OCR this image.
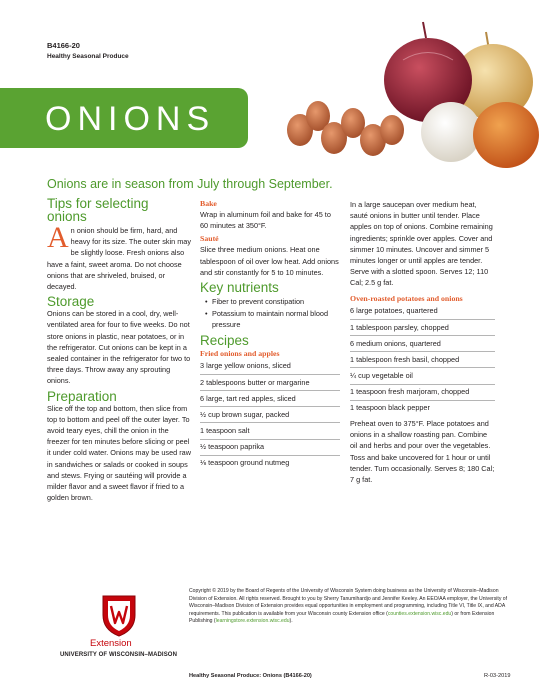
B4166-20
Healthy Seasonal Produce
ONIONS
Onions are in season from July through September.
Tips for selecting onions

An onion should be firm, hard, and heavy for its size. The outer skin may be slightly loose. Fresh onions also have a faint, sweet aroma. Do not choose onions that are shriveled, bruised, or decayed.

Storage

Onions can be stored in a cool, dry, well-ventilated area for four to five weeks. Do not store onions in plastic, near potatoes, or in the refrigerator. Cut onions can be kept in a sealed container in the refrigerator for two to three days. Throw away any sprouting onions.

Preparation

Slice off the top and bottom, then slice from top to bottom and peel off the outer layer. To avoid teary eyes, chill the onion in the freezer for ten minutes before slicing or peel it under cold water. Onions may be used raw in sandwiches or salads or cooked in soups and stews. Frying or sautéing will provide a milder flavor and a sweet flavor if fried to a golden brown.

Bake

Wrap in aluminum foil and bake for 45 to 60 minutes at 350°F.

Sauté

Slice three medium onions. Heat one tablespoon of oil over low heat. Add onions and stir constantly for 5 to 10 minutes.

Key nutrients
• Fiber to prevent constipation
• Potassium to maintain normal blood pressure
Recipes
Fried onions and apples
3 large yellow onions, sliced
2 tablespoons butter or margarine
6 large, tart red apples, sliced
½ cup brown sugar, packed
1 teaspoon salt
½ teaspoon paprika
⅛ teaspoon ground nutmeg

In a large saucepan over medium heat, sauté onions in butter until tender. Place apples on top of onions. Combine remaining ingredients; sprinkle over apples. Cover and simmer 10 minutes. Uncover and simmer 5 minutes longer or until apples are tender. Serve with a slotted spoon. Serves 12; 110 Cal; 2.5 g fat.

Oven-roasted potatoes and onions
6 large potatoes, quartered
1 tablespoon parsley, chopped
6 medium onions, quartered
1 tablespoon fresh basil, chopped
¼ cup vegetable oil
1 teaspoon fresh marjoram, chopped
1 teaspoon black pepper

Preheat oven to 375°F. Place potatoes and onions in a shallow roasting pan. Combine oil and herbs and pour over the vegetables. Toss and bake uncovered for 1 hour or until tender. Turn occasionally. Serves 8; 180 Cal; 7 g fat.

Extension
UNIVERSITY OF WISCONSIN–MADISON
Copyright © 2019 by the Board of Regents of the University of Wisconsin System doing business as the University of Wisconsin–Madison Division of Extension. All rights reserved. Brought to you by Sherry Tanumihardjo and Jennifer Keeley. An EEO/AA employer, the University of Wisconsin–Madison Division of Extension provides equal opportunities in employment and programming, including Title VI, Title IX, and ADA requirements. This publication is available from your Wisconsin county Extension office (counties.extension.wisc.edu) or from Extension Publishing (learningstore.extension.wisc.edu).
Healthy Seasonal Produce: Onions (B4166-20)	R-03-2019
